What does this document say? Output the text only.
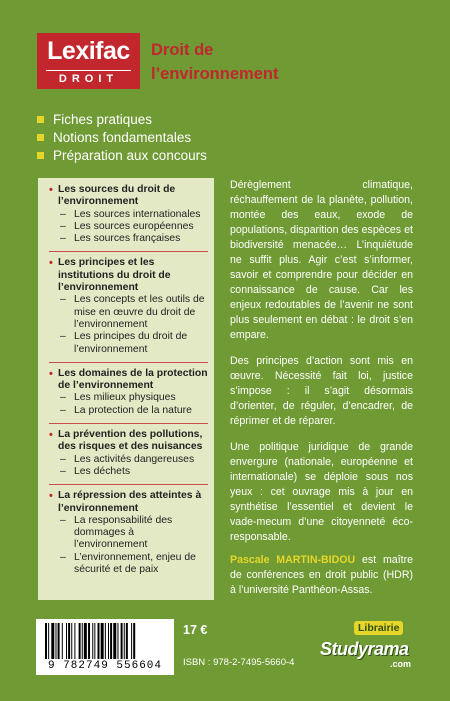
Lexifac
DROIT
Droit de
l’environnement
Fiches pratiques
Notions fondamentales
Préparation aux concours
• Les sources du droit de l’environnement
– Les sources internationales
– Les sources européennes
– Les sources françaises
• Les principes et les institutions du droit de l’environnement
– Les concepts et les outils de mise en œuvre du droit de l’environnement
– Les principes du droit de l’environnement
• Les domaines de la protection de l’environnement
– Les milieux physiques
– La protection de la nature
• La prévention des pollutions, des risques et des nuisances
– Les activités dangereuses
– Les déchets
• La répression des atteintes à l’environnement
– La responsabilité des dommages à l’environnement
– L’environnement, enjeu de sécurité et de paix

Dérèglement climatique, réchauffement de la planète, pollution, montée des eaux, exode de populations, disparition des espèces et biodiversité menacée… L’inquiétude ne suffit plus. Agir c’est s’informer, savoir et comprendre pour décider en connaissance de cause. Car les enjeux redoutables de l’avenir ne sont plus seulement en débat : le droit s’en empare.

Des principes d’action sont mis en œuvre. Nécessité fait loi, justice s’impose : il s’agit désormais d’orienter, de réguler, d’encadrer, de réprimer et de réparer.

Une politique juridique de grande envergure (nationale, européenne et internationale) se déploie sous nos yeux : cet ouvrage mis à jour en synthétise l’essentiel et devient le vade-mecum d’une citoyenneté éco-responsable.

Pascale MARTIN-BIDOU est maître de conférences en droit public (HDR) à l’université Panthéon-Assas.
9 782749 556604
17 €
ISBN : 978-2-7495-5660-4
Librairie
Studyrama
.com
